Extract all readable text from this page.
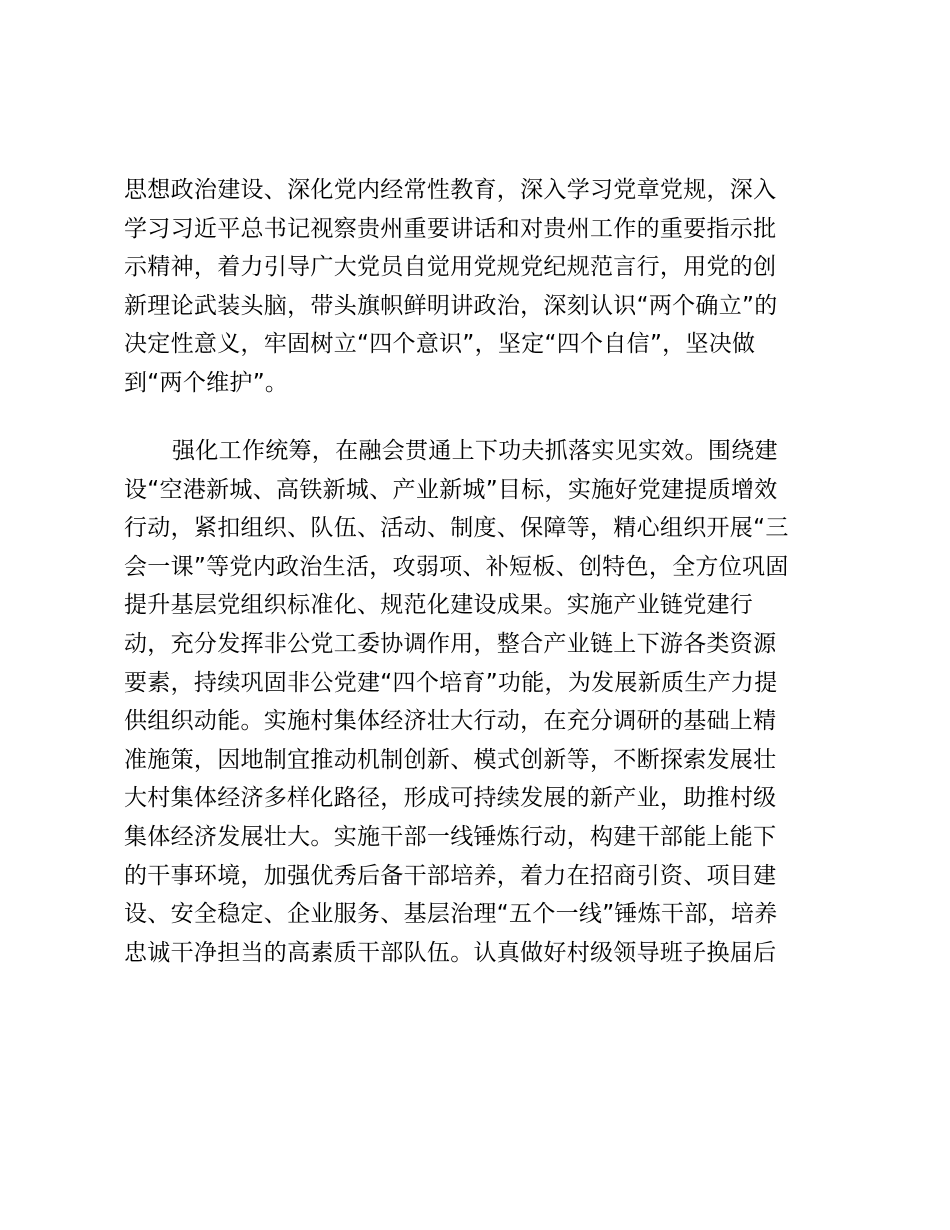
思想政治建设、深化党内经常性教育，深入学习党章党规，深入
学习习近平总书记视察贵州重要讲话和对贵州工作的重要指示批
示精神，着力引导广大党员自觉用党规党纪规范言行，用党的创
新理论武装头脑，带头旗帜鲜明讲政治，深刻认识“两个确立”的
决定性意义，牢固树立“四个意识”，坚定“四个自信”，坚决做
到“两个维护”。
强化工作统筹，在融会贯通上下功夫抓落实见实效。围绕建
设“空港新城、高铁新城、产业新城”目标，实施好党建提质增效
行动，紧扣组织、队伍、活动、制度、保障等，精心组织开展“三
会一课”等党内政治生活，攻弱项、补短板、创特色，全方位巩固
提升基层党组织标准化、规范化建设成果。实施产业链党建行
动，充分发挥非公党工委协调作用，整合产业链上下游各类资源
要素，持续巩固非公党建“四个培育”功能，为发展新质生产力提
供组织动能。实施村集体经济壮大行动，在充分调研的基础上精
准施策，因地制宜推动机制创新、模式创新等，不断探索发展壮
大村集体经济多样化路径，形成可持续发展的新产业，助推村级
集体经济发展壮大。实施干部一线锤炼行动，构建干部能上能下
的干事环境，加强优秀后备干部培养，着力在招商引资、项目建
设、安全稳定、企业服务、基层治理“五个一线”锤炼干部，培养
忠诚干净担当的高素质干部队伍。认真做好村级领导班子换届后
